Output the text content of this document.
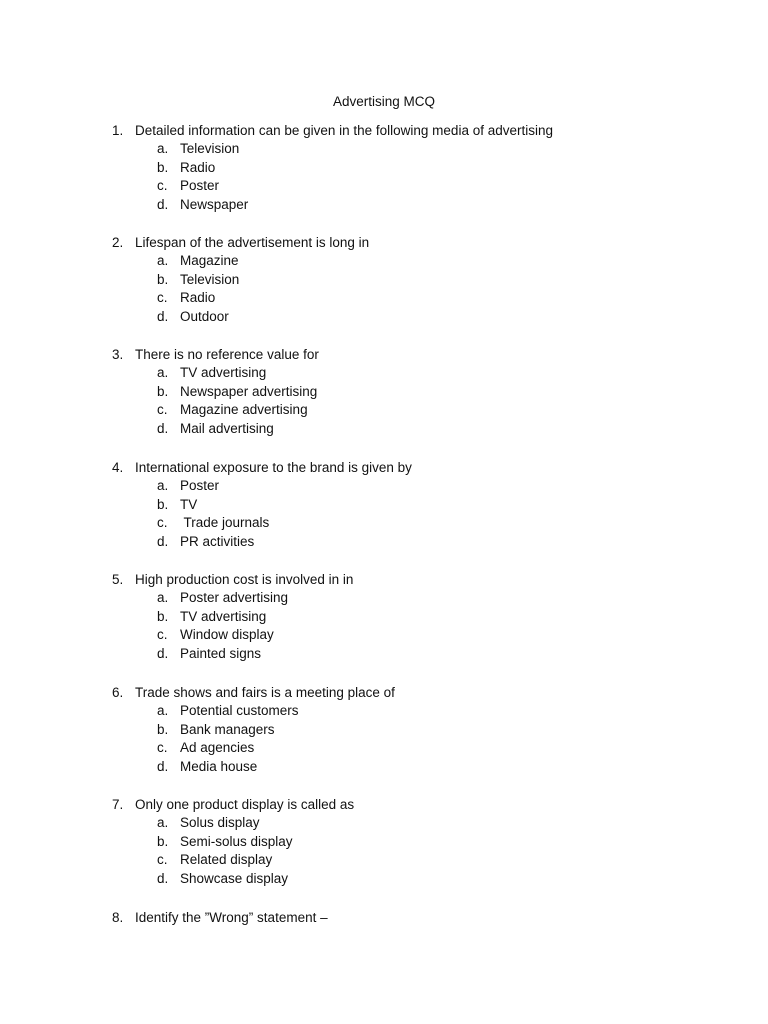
Advertising MCQ
1. Detailed information can be given in the following media of advertising
a. Television
b. Radio
c. Poster
d. Newspaper
2. Lifespan of the advertisement is long in
a. Magazine
b. Television
c. Radio
d. Outdoor
3. There is no reference value for
a. TV advertising
b. Newspaper advertising
c. Magazine advertising
d. Mail advertising
4. International exposure to the brand is given by
a. Poster
b. TV
c. Trade journals
d. PR activities
5. High production cost is involved in in
a. Poster advertising
b. TV advertising
c. Window display
d. Painted signs
6. Trade shows and fairs is a meeting place of
a. Potential customers
b. Bank managers
c. Ad agencies
d. Media house
7. Only one product display is called as
a. Solus display
b. Semi-solus display
c. Related display
d. Showcase display
8. Identify the ”Wrong” statement –
